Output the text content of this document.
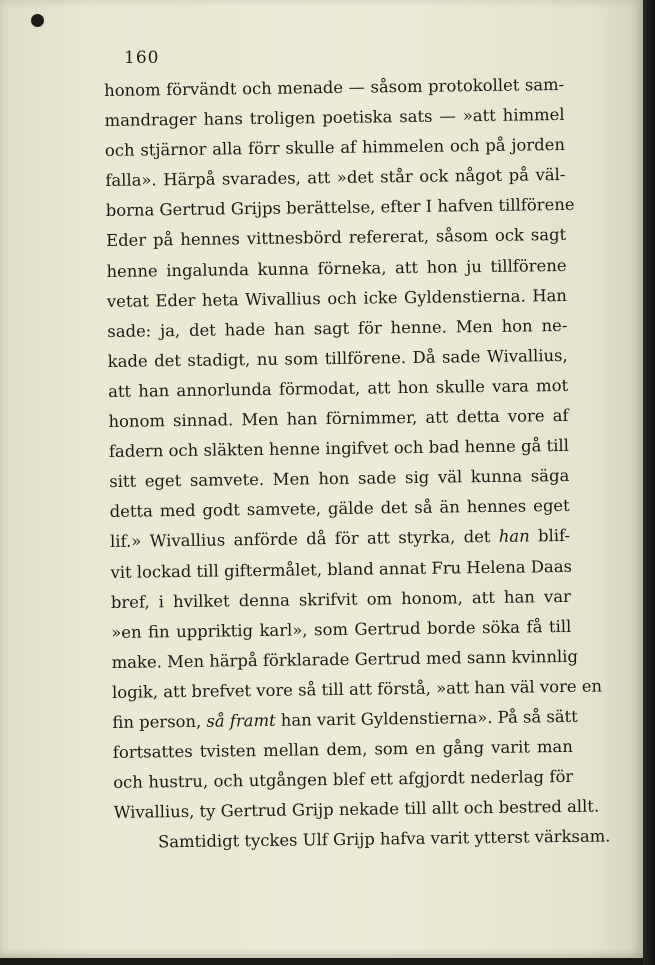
160
honom förvändt och menade — såsom protokollet sam-
mandrager hans troligen poetiska sats — »att himmel
och stjärnor alla förr skulle af himmelen och på jorden
falla». Härpå svarades, att »det står ock något på väl-
borna Gertrud Grijps berättelse, efter I hafven tillförene
Eder på hennes vittnesbörd refererat, såsom ock sagt
henne ingalunda kunna förneka, att hon ju tillförene
vetat Eder heta Wivallius och icke Gyldenstierna. Han
sade: ja, det hade han sagt för henne. Men hon ne-
kade det stadigt, nu som tillförene. Då sade Wivallius,
att han annorlunda förmodat, att hon skulle vara mot
honom sinnad. Men han förnimmer, att detta vore af
fadern och släkten henne ingifvet och bad henne gå till
sitt eget samvete. Men hon sade sig väl kunna säga
detta med godt samvete, gälde det så än hennes eget
lif.» Wivallius anförde då för att styrka, det han blif-
vit lockad till giftermålet, bland annat Fru Helena Daas
bref, i hvilket denna skrifvit om honom, att han var
»en fin uppriktig karl», som Gertrud borde söka få till
make. Men härpå förklarade Gertrud med sann kvinnlig
logik, att brefvet vore så till att förstå, »att han väl vore en
fin person, så framt han varit Gyldenstierna». På så sätt
fortsattes tvisten mellan dem, som en gång varit man
och hustru, och utgången blef ett afgjordt nederlag för
Wivallius, ty Gertrud Grijp nekade till allt och bestred allt.
Samtidigt tyckes Ulf Grijp hafva varit ytterst värksam.
